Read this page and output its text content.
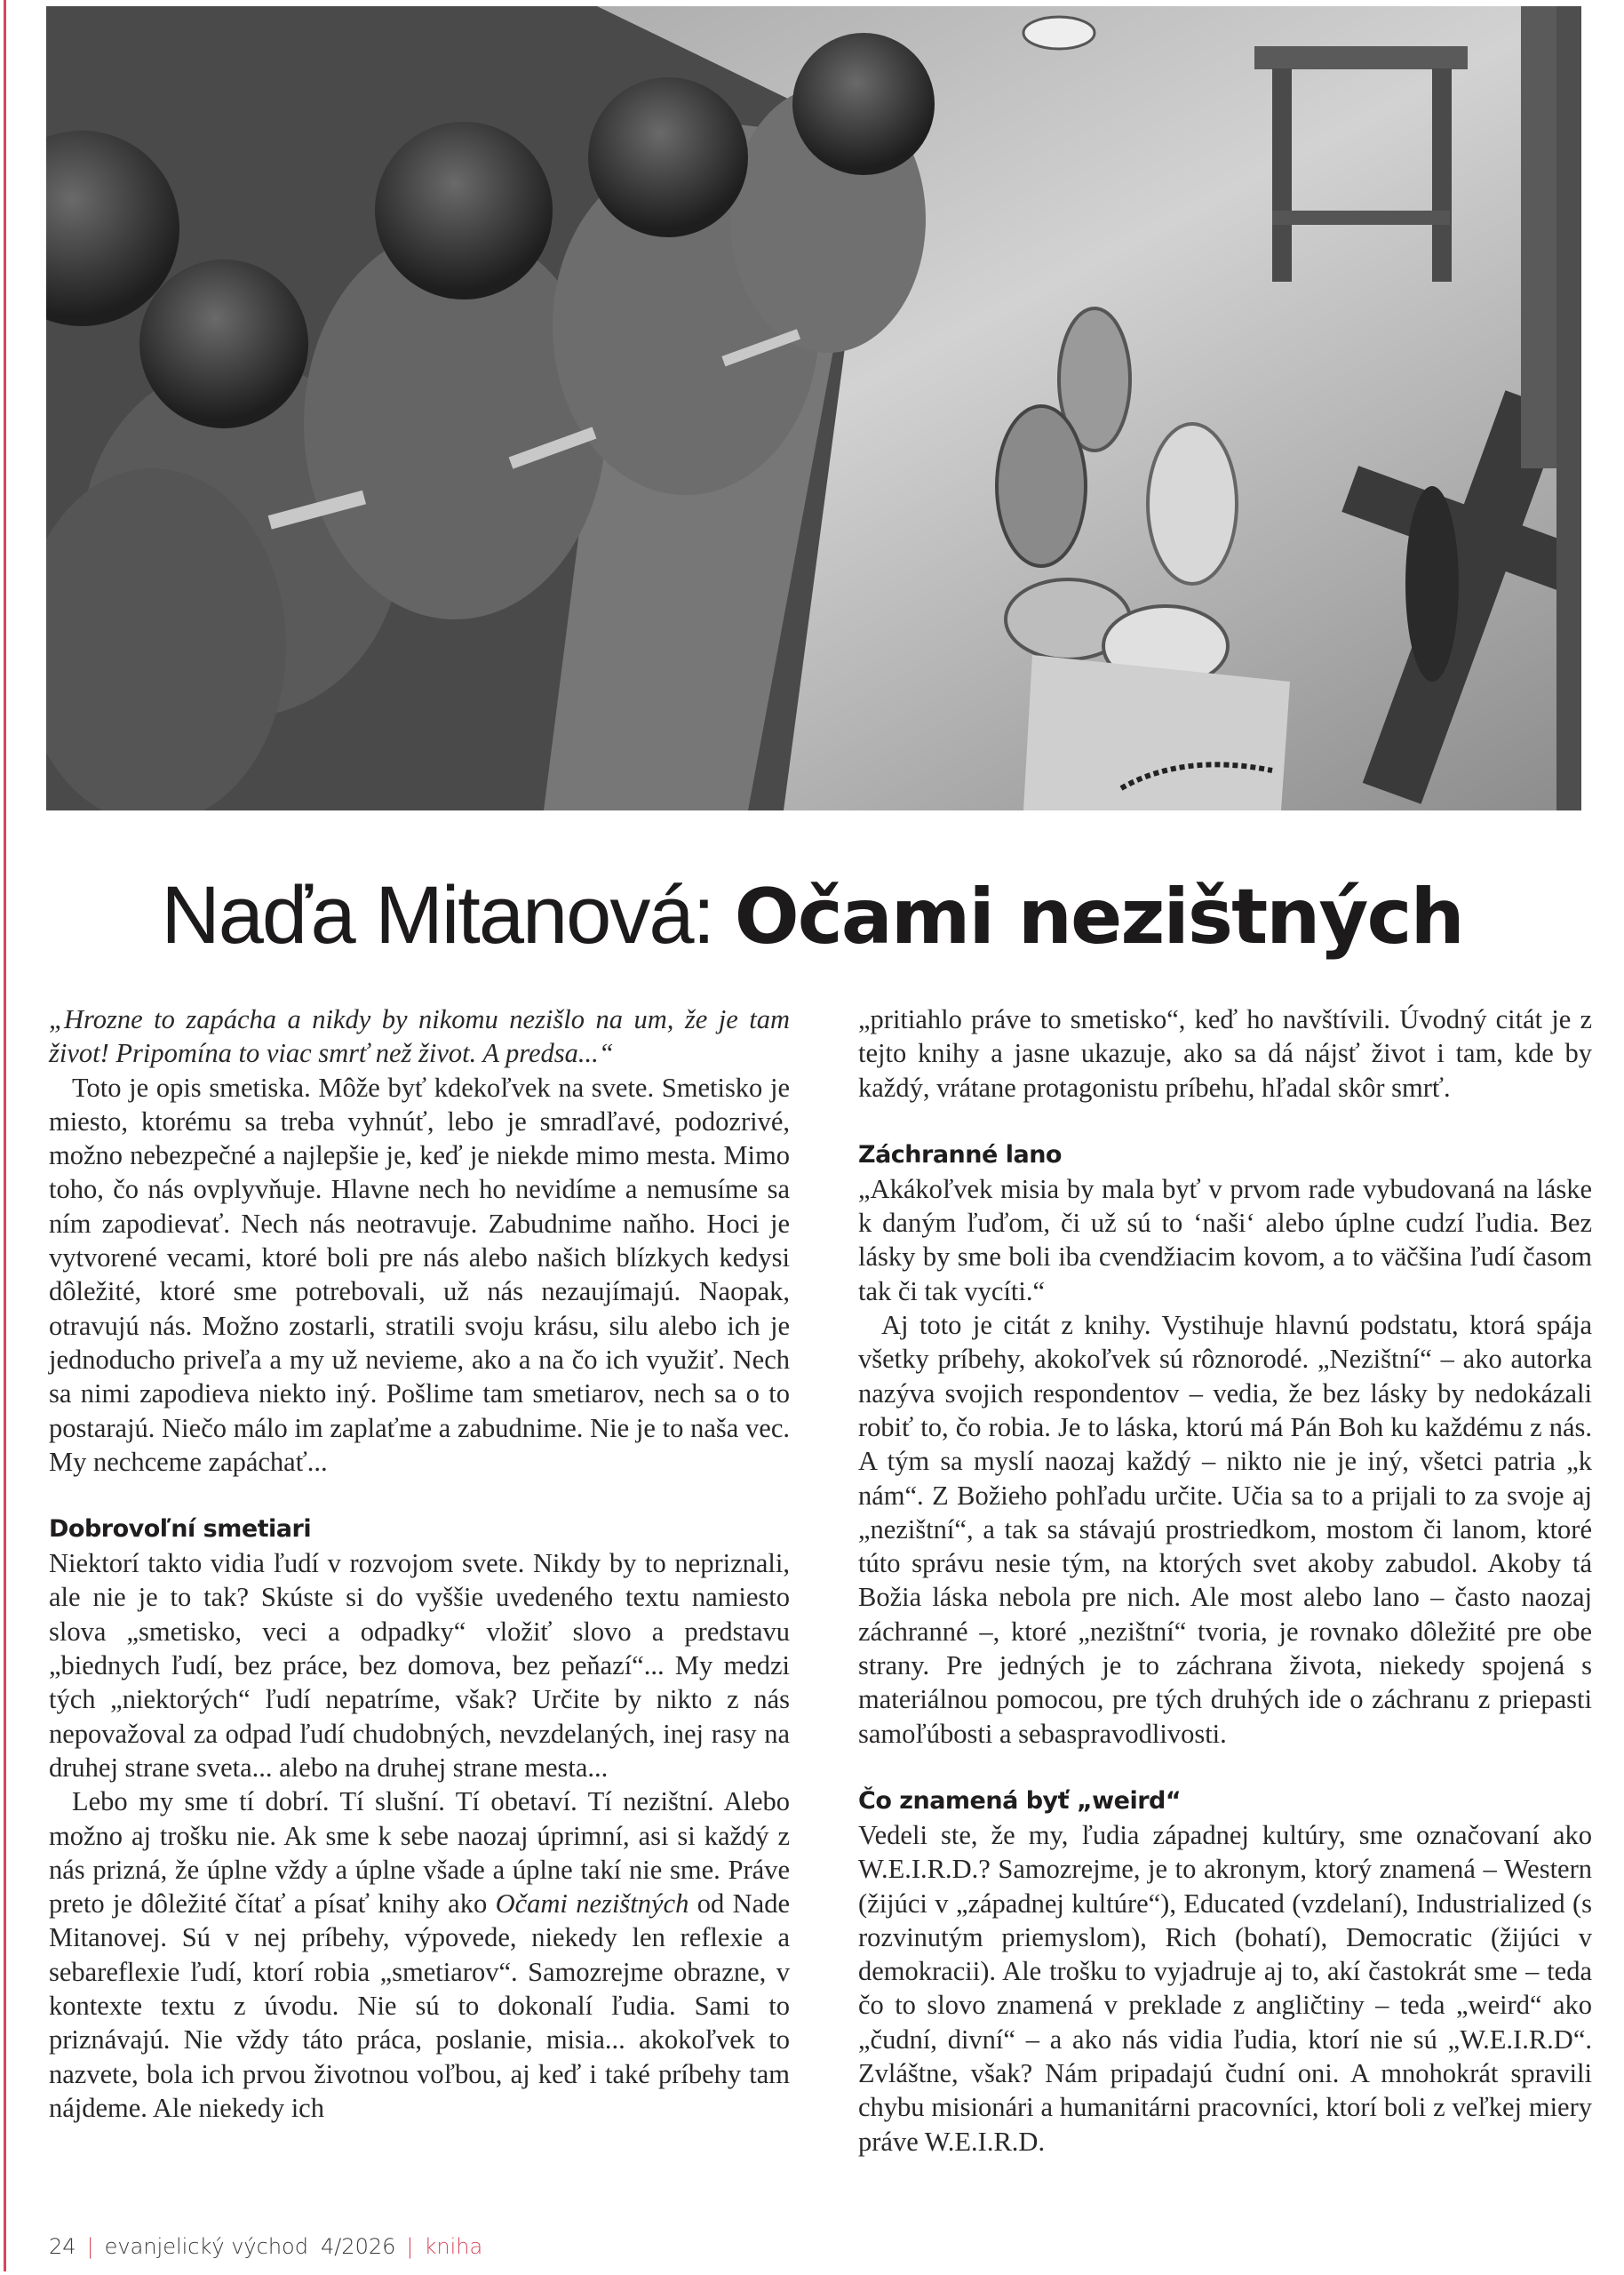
Naďa Mitanová: Očami nezištných

„Hrozne to zapácha a nikdy by nikomu nezišlo na um, že je tam život! Pripomína to viac smrť než život. A predsa...“

Toto je opis smetiska. Môže byť kdekoľvek na svete. Smetisko je miesto, ktorému sa treba vyhnúť, lebo je smradľavé, podozrivé, možno nebezpečné a najlepšie je, keď je niekde mimo mesta. Mimo toho, čo nás ovplyvňuje. Hlavne nech ho nevidíme a nemusíme sa ním zapodievať. Nech nás neotravuje. Zabudnime naňho. Hoci je vytvorené vecami, ktoré boli pre nás alebo našich blízkych kedysi dôležité, ktoré sme potrebovali, už nás nezaujímajú. Naopak, otravujú nás. Možno zostarli, stratili svoju krásu, silu alebo ich je jednoducho priveľa a my už nevieme, ako a na čo ich využiť. Nech sa nimi zapodieva niekto iný. Pošlime tam smetiarov, nech sa o to postarajú. Niečo málo im zaplaťme a zabudnime. Nie je to naša vec. My nechceme zapáchať...

Dobrovoľní smetiari

Niektorí takto vidia ľudí v rozvojom svete. Nikdy by to nepriznali, ale nie je to tak? Skúste si do vyššie uvedeného textu namiesto slova „smetisko, veci a odpadky“ vložiť slovo a predstavu „biednych ľudí, bez práce, bez domova, bez peňazí“... My medzi tých „niektorých“ ľudí nepatríme, však? Určite by nikto z nás nepovažoval za odpad ľudí chudobných, nevzdelaných, inej rasy na druhej strane sveta... alebo na druhej strane mesta...

Lebo my sme tí dobrí. Tí slušní. Tí obetaví. Tí nezištní. Alebo možno aj trošku nie. Ak sme k sebe naozaj úprimní, asi si každý z nás prizná, že úplne vždy a úplne všade a úplne takí nie sme. Práve preto je dôležité čítať a písať knihy ako Očami nezištných od Nade Mitanovej. Sú v nej príbehy, výpovede, niekedy len reflexie a sebareflexie ľudí, ktorí robia „smetiarov“. Samozrejme obrazne, v kontexte textu z úvodu. Nie sú to dokonalí ľudia. Sami to priznávajú. Nie vždy táto práca, poslanie, misia... akokoľvek to nazvete, bola ich prvou životnou voľbou, aj keď i také príbehy tam nájdeme. Ale niekedy ich

„pritiahlo práve to smetisko“, keď ho navštívili. Úvodný citát je z tejto knihy a jasne ukazuje, ako sa dá nájsť život i tam, kde by každý, vrátane protagonistu príbehu, hľadal skôr smrť.

Záchranné lano

„Akákoľvek misia by mala byť v prvom rade vybudovaná na láske k daným ľuďom, či už sú to ‘naši‘ alebo úplne cudzí ľudia. Bez lásky by sme boli iba cvendžiacim kovom, a to väčšina ľudí časom tak či tak vycíti.“

Aj toto je citát z knihy. Vystihuje hlavnú podstatu, ktorá spája všetky príbehy, akokoľvek sú rôznorodé. „Nezištní“ – ako autorka nazýva svojich respondentov – vedia, že bez lásky by nedokázali robiť to, čo robia. Je to láska, ktorú má Pán Boh ku každému z nás. A tým sa myslí naozaj každý – nikto nie je iný, všetci patria „k nám“. Z Božieho pohľadu určite. Učia sa to a prijali to za svoje aj „nezištní“, a tak sa stávajú prostriedkom, mostom či lanom, ktoré túto správu nesie tým, na ktorých svet akoby zabudol. Akoby tá Božia láska nebola pre nich. Ale most alebo lano – často naozaj záchranné –, ktoré „nezištní“ tvoria, je rovnako dôležité pre obe strany. Pre jedných je to záchrana života, niekedy spojená s materiálnou pomocou, pre tých druhých ide o záchranu z priepasti samoľúbosti a sebaspravodlivosti.

Čo znamená byť „weird“

Vedeli ste, že my, ľudia západnej kultúry, sme označovaní ako W.E.I.R.D.? Samozrejme, je to akronym, ktorý znamená – Western (žijúci v „západnej kultúre“), Educated (vzdelaní), Industrialized (s rozvinutým priemyslom), Rich (bohatí), Democratic (žijúci v demokracii). Ale trošku to vyjadruje aj to, akí častokrát sme – teda čo to slovo znamená v preklade z angličtiny – teda „weird“ ako „čudní, divní“ – a ako nás vidia ľudia, ktorí nie sú „W.E.I.R.D“. Zvláštne, však? Nám pripadajú čudní oni. A mnohokrát spravili chybu misionári a humanitárni pracovníci, ktorí boli z veľkej miery práve W.E.I.R.D.

24 | evanjelický východ 4/2026 | kniha
